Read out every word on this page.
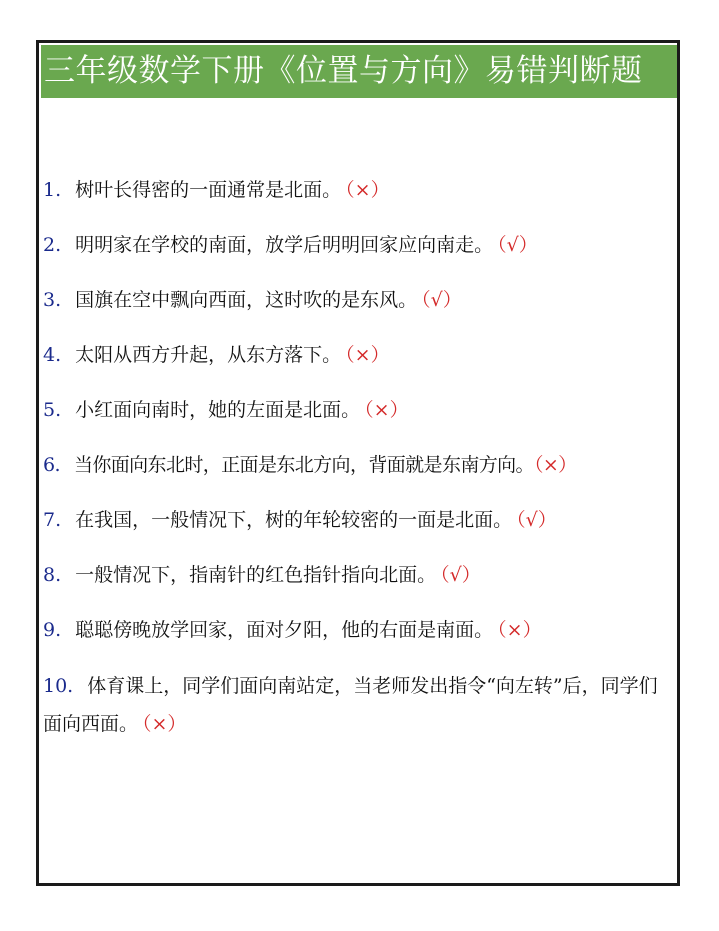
三年级数学下册《位置与方向》易错判断题
1. 树叶长得密的一面通常是北面。 （×）
2. 明明家在学校的南面，放学后明明回家应向南走。 （√）
3. 国旗在空中飘向西面，这时吹的是东风。 （√）
4. 太阳从西方升起，从东方落下。 （×）
5. 小红面向南时，她的左面是北面。 （×）
6. 当你面向东北时，正面是东北方向，背面就是东南方向。（×）
7. 在我国，一般情况下，树的年轮较密的一面是北面。 （√）
8. 一般情况下，指南针的红色指针指向北面。 （√）
9. 聪聪傍晚放学回家，面对夕阳，他的右面是南面。 （×）
10. 体育课上，同学们面向南站定，当老师发出指令“向左转”后，同学们面向西面。 （×）
